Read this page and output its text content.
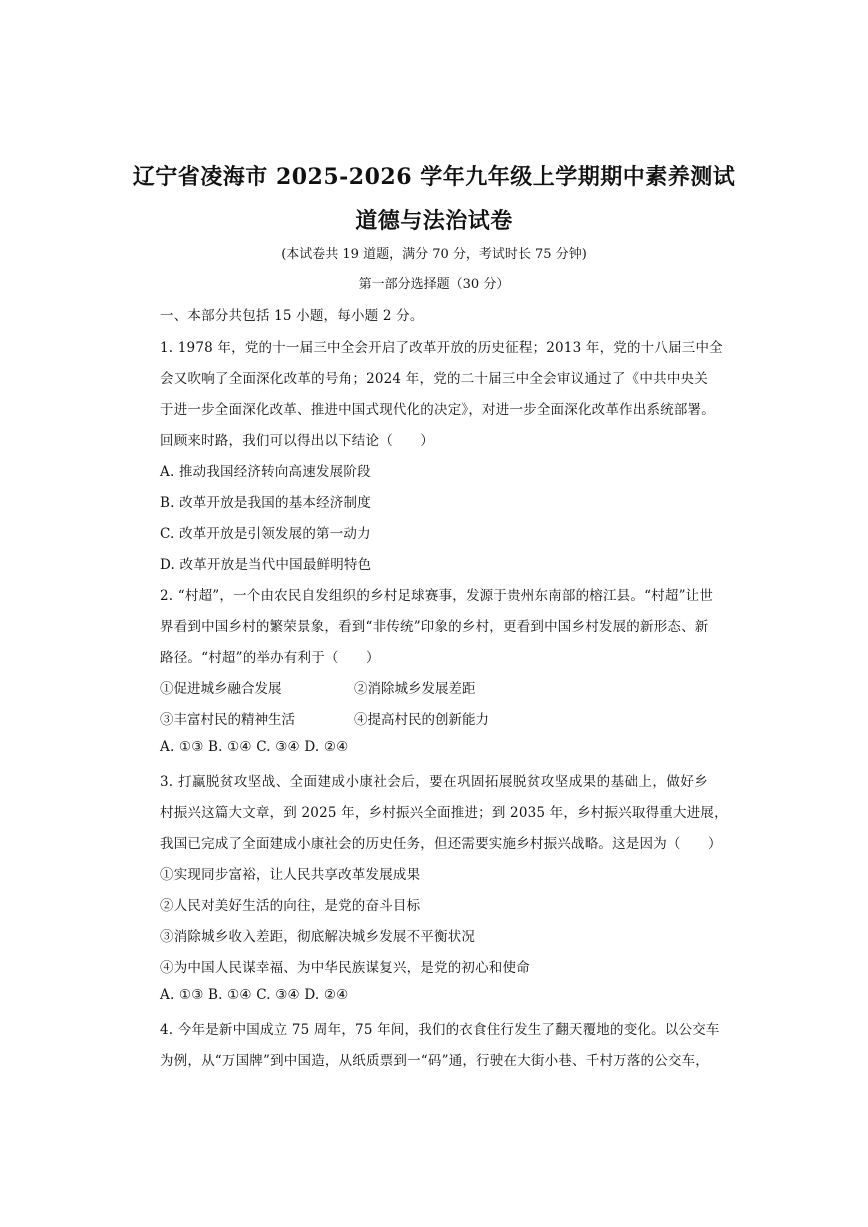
辽宁省凌海市 2025-2026 学年九年级上学期期中素养测试
道德与法治试卷
(本试卷共 19 道题，满分 70 分，考试时长 75 分钟)
第一部分选择题（30 分）
一、本部分共包括 15 小题，每小题 2 分。
1. 1978 年，党的十一届三中全会开启了改革开放的历史征程；2013 年，党的十八届三中全
会又吹响了全面深化改革的号角；2024 年，党的二十届三中全会审议通过了《中共中央关
于进一步全面深化改革、推进中国式现代化的决定》，对进一步全面深化改革作出系统部署。
回顾来时路，我们可以得出以下结论（　　）
A. 推动我国经济转向高速发展阶段
B. 改革开放是我国的基本经济制度
C. 改革开放是引领发展的第一动力
D. 改革开放是当代中国最鲜明特色
2. “村超”，一个由农民自发组织的乡村足球赛事，发源于贵州东南部的榕江县。“村超”让世
界看到中国乡村的繁荣景象，看到“非传统”印象的乡村，更看到中国乡村发展的新形态、新
路径。“村超”的举办有利于（　　）
①促进城乡融合发展	②消除城乡发展差距
③丰富村民的精神生活	④提高村民的创新能力
A. ①③ B. ①④ C. ③④ D. ②④
3. 打赢脱贫攻坚战、全面建成小康社会后，要在巩固拓展脱贫攻坚成果的基础上，做好乡
村振兴这篇大文章，到 2025 年，乡村振兴全面推进；到 2035 年，乡村振兴取得重大进展，
我国已完成了全面建成小康社会的历史任务，但还需要实施乡村振兴战略。这是因为（　　）
①实现同步富裕，让人民共享改革发展成果
②人民对美好生活的向往，是党的奋斗目标
③消除城乡收入差距，彻底解决城乡发展不平衡状况
④为中国人民谋幸福、为中华民族谋复兴，是党的初心和使命
A. ①③ B. ①④ C. ③④ D. ②④
4. 今年是新中国成立 75 周年，75 年间，我们的衣食住行发生了翻天覆地的变化。以公交车
为例，从“万国牌”到中国造，从纸质票到一“码”通，行驶在大街小巷、千村万落的公交车，
